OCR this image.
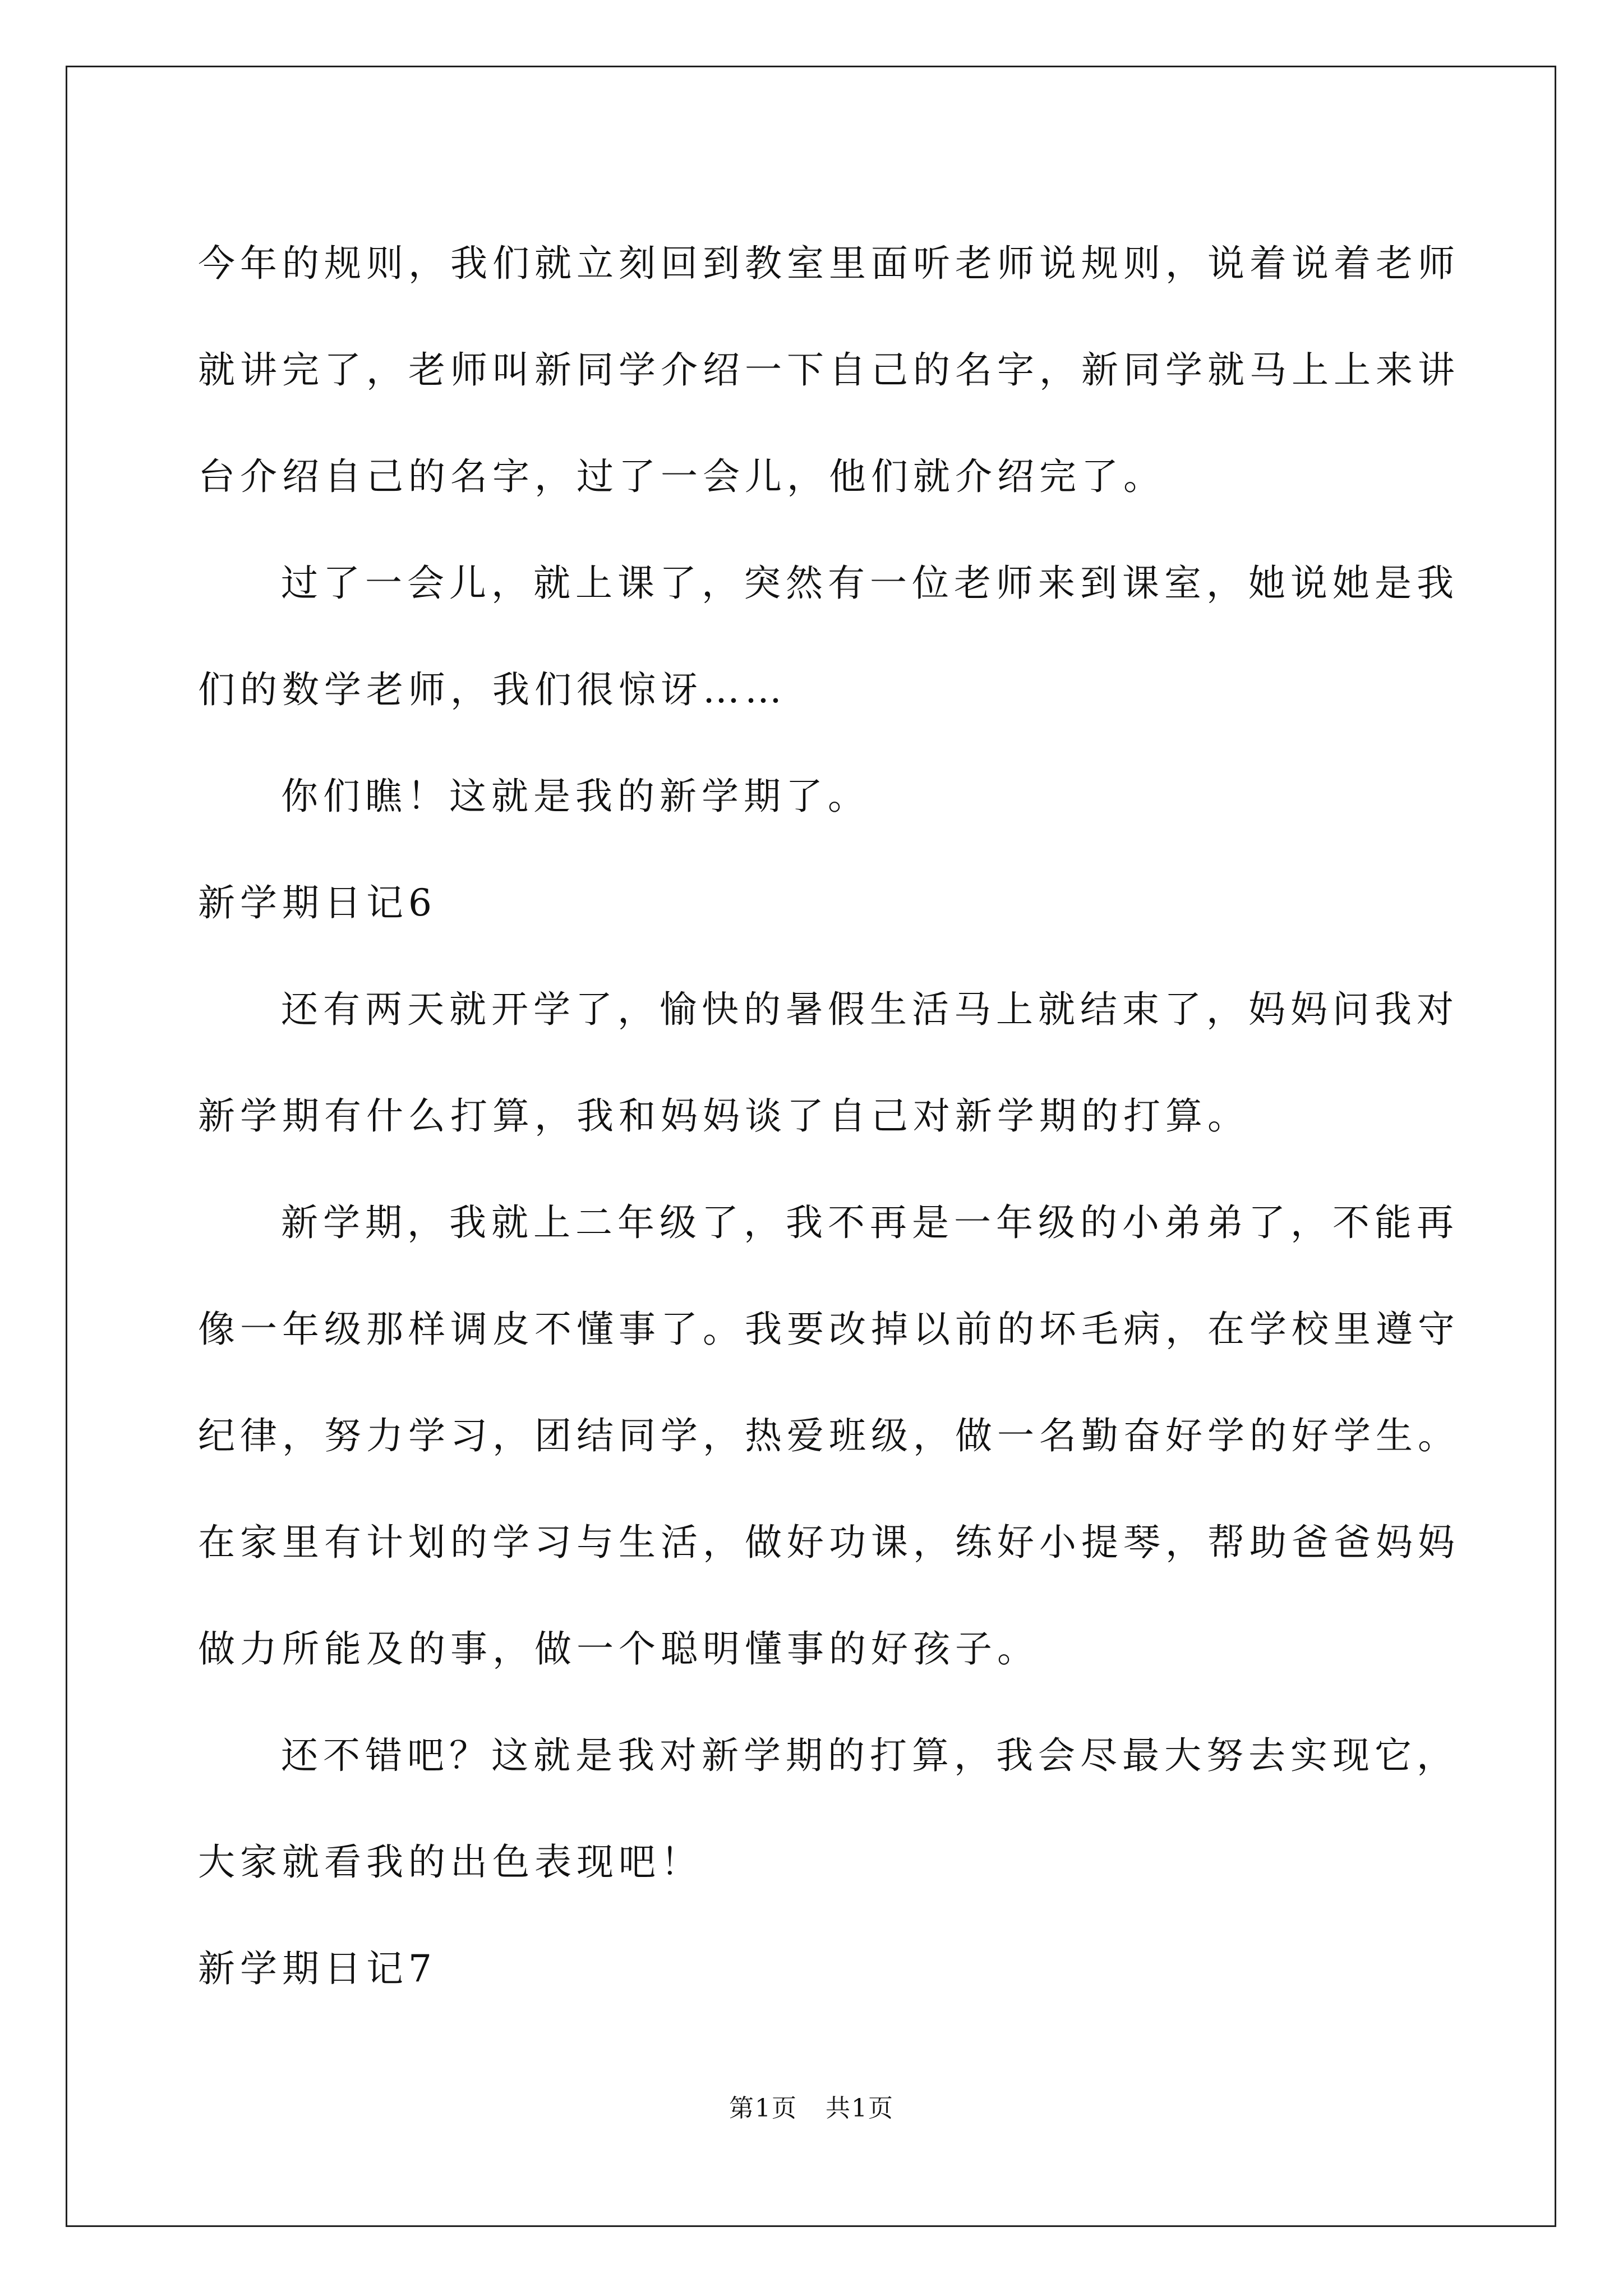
今年的规则，我们就立刻回到教室里面听老师说规则，说着说着老师
就讲完了，老师叫新同学介绍一下自己的名字，新同学就马上上来讲
台介绍自己的名字，过了一会儿，他们就介绍完了。
过了一会儿，就上课了，突然有一位老师来到课室，她说她是我
们的数学老师，我们很惊讶……
你们瞧！这就是我的新学期了。
新学期日记6
还有两天就开学了，愉快的暑假生活马上就结束了，妈妈问我对
新学期有什么打算，我和妈妈谈了自己对新学期的打算。
新学期，我就上二年级了，我不再是一年级的小弟弟了，不能再
像一年级那样调皮不懂事了。我要改掉以前的坏毛病，在学校里遵守
纪律，努力学习，团结同学，热爱班级，做一名勤奋好学的好学生。
在家里有计划的学习与生活，做好功课，练好小提琴，帮助爸爸妈妈
做力所能及的事，做一个聪明懂事的好孩子。
还不错吧？这就是我对新学期的打算，我会尽最大努去实现它，
大家就看我的出色表现吧！
新学期日记7
第1页 共1页
